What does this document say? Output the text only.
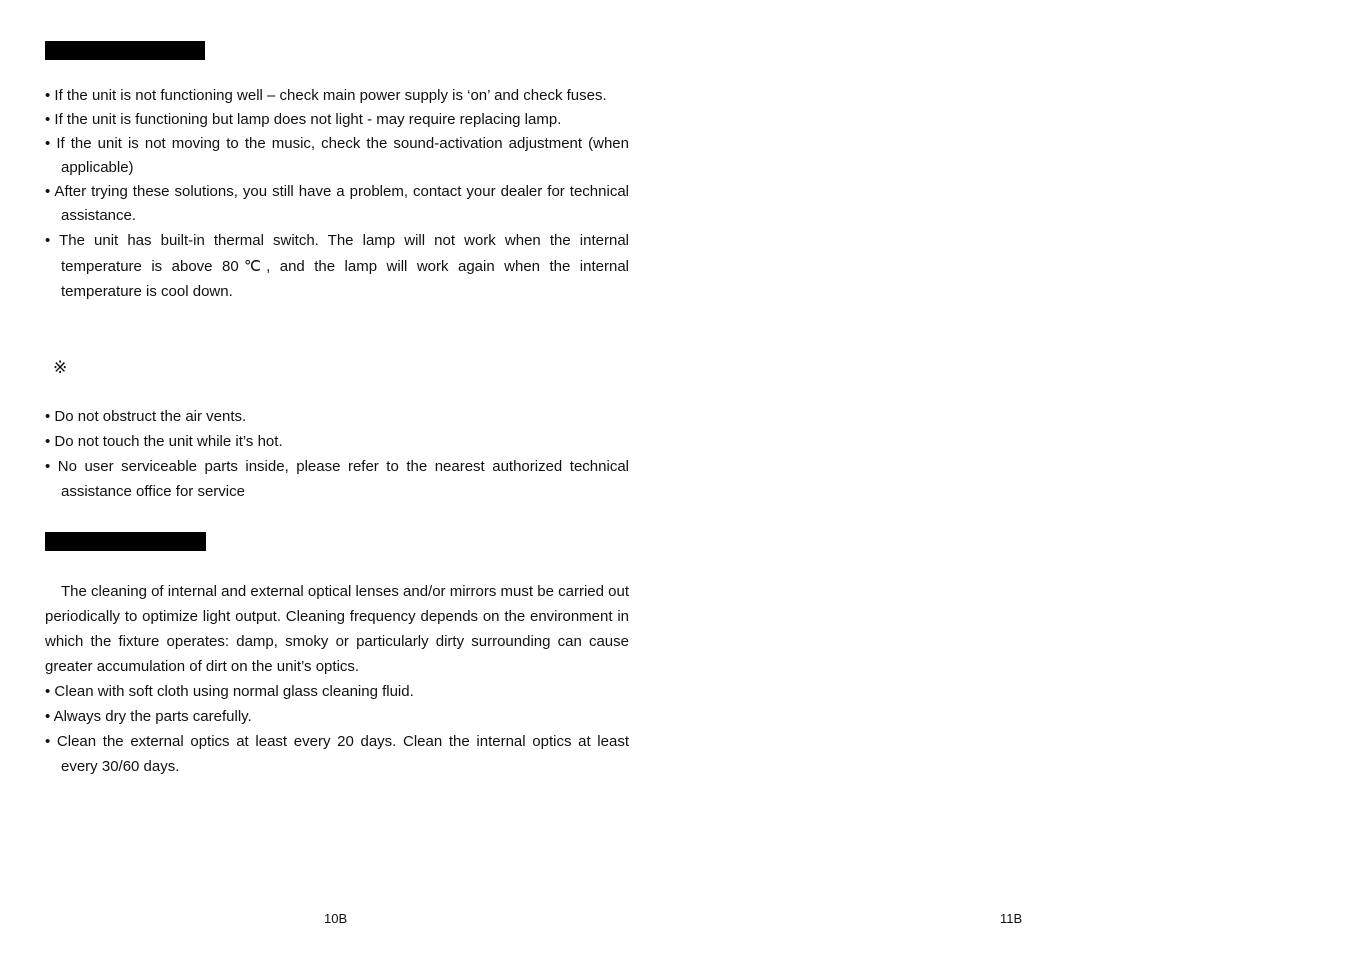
• If the unit is not functioning well – check main power supply is ‘on’ and check fuses.

• If the unit is functioning but lamp does not light - may require replacing lamp.

• If the unit is not moving to the music, check the sound-activation adjustment (when applicable)

• After trying these solutions, you still have a problem, contact your dealer for technical assistance.

• The unit has built-in thermal switch. The lamp will not work when the internal temperature is above 80℃, and the lamp will work again when the internal temperature is cool down.

※

• Do not obstruct the air vents.

• Do not touch the unit while it’s hot.

• No user serviceable parts inside, please refer to the nearest authorized technical assistance office for service

The cleaning of internal and external optical lenses and/or mirrors must be carried out periodically to optimize light output. Cleaning frequency depends on the environment in which the fixture operates: damp, smoky or particularly dirty surrounding can cause greater accumulation of dirt on the unit’s optics.

• Clean with soft cloth using normal glass cleaning fluid.

• Always dry the parts carefully.

• Clean the external optics at least every 20 days. Clean the internal optics at least every 30/60 days.

10B	11B
